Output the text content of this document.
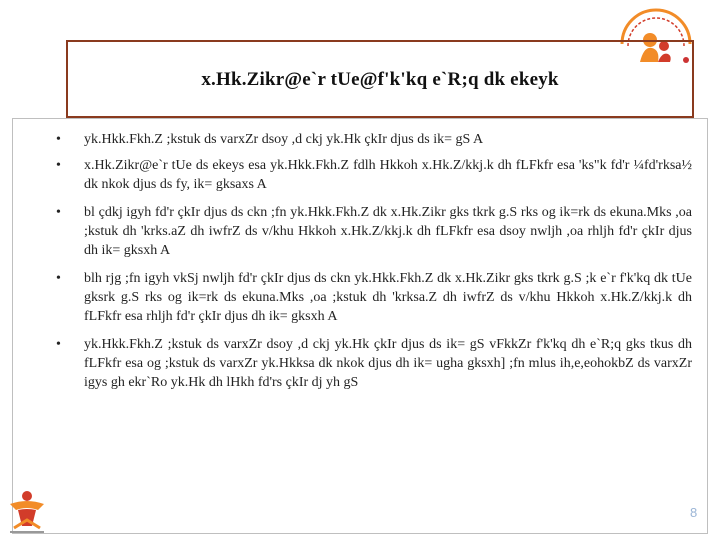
x.Hk.Zikr@e`r tUe@f'k'kq e`R;q dk ekeyk
• yk.Hkk.Fkh.Z ;kstuk ds varxZr dsoy ,d ckj yk.Hk çkIr djus ds ik= gS A
• x.Hk.Zikr@e`r tUe ds ekeys esa yk.Hkk.Fkh.Z fdlh Hkkoh x.Hk.Z/kkj.k dh fLFkfr esa 'ks"k fd'r ¼fd'rksa½ dk nkok djus ds fy, ik= gksaxs A
• bl çdkj igyh fd'r çkIr djus ds ckn ;fn yk.Hkk.Fkh.Z dk x.Hk.Zikr gks tkrk g.S rks og ik=rk ds ekuna.Mks ,oa ;kstuk dh 'krks.aZ dh iwfrZ ds v/khu Hkkoh x.Hk.Z/kkj.k dh fLFkfr esa dsoy nwljh ,oa rhljh fd'r çkIr djus dh ik= gksxh A
• blh rjg ;fn igyh vkSj nwljh fd'r çkIr djus ds ckn yk.Hkk.Fkh.Z dk x.Hk.Zikr gks tkrk g.S ;k e`r f'k'kq dk tUe gksrk g.S rks og ik=rk ds ekuna.Mks ,oa ;kstuk dh 'krksa.Z dh iwfrZ ds v/khu Hkkoh x.Hk.Z/kkj.k dh fLFkfr esa rhljh fd'r çkIr djus dh ik= gksxh A
• yk.Hkk.Fkh.Z ;kstuk ds varxZr dsoy ,d ckj yk.Hk çkIr djus ds ik= gS vFkkZr f'k'kq dh e`R;q gks tkus dh fLFkfr esa og ;kstuk ds varxZr yk.Hkksa dk nkok djus dh ik= ugha gksxh] ;fn mlus ih,e,eohokbZ ds varxZr igys gh ekr`Ro yk.Hk dh lHkh fd'rs çkIr dj yh gS
8
